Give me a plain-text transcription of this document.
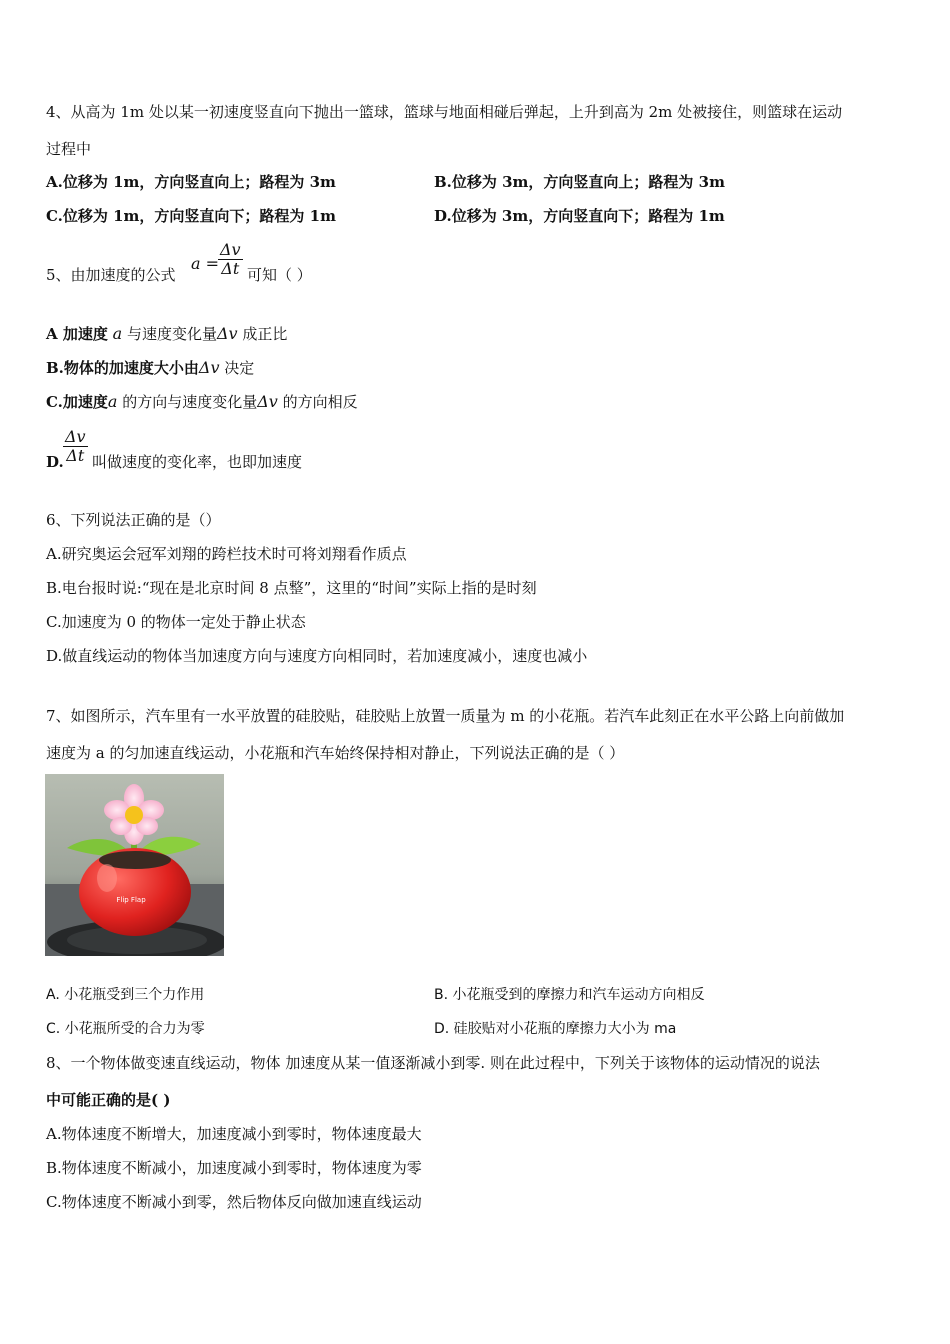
4、从高为 1m 处以某一初速度竖直向下抛出一篮球，篮球与地面相碰后弹起，上升到高为 2m 处被接住，则篮球在运动
过程中
A.位移为 1m，方向竖直向上；路程为 3m	B.位移为 3m，方向竖直向上；路程为 3m
C.位移为 1m，方向竖直向下；路程为 1m	D.位移为 3m，方向竖直向下；路程为 1m
5、由加速度的公式
a =
$\frac{\Delta v}{\Delta t}$ 可知（ ）
A 加速度 a 与速度变化量Δv 成正比
B.物体的加速度大小由Δv 决定
C.加速度a 的方向与速度变化量Δv 的方向相反
D. $\frac{\Delta v}{\Delta t}$ 叫做速度的变化率，也即加速度
6、下列说法正确的是（）
A.研究奥运会冠军刘翔的跨栏技术时可将刘翔看作质点
B.电台报时说:“现在是北京时间 8 点整”，这里的“时间”实际上指的是时刻
C.加速度为 0 的物体一定处于静止状态
D.做直线运动的物体当加速度方向与速度方向相同时，若加速度减小，速度也减小
7、如图所示，汽车里有一水平放置的硅胶贴，硅胶贴上放置一质量为 m 的小花瓶。若汽车此刻正在水平公路上向前做加
速度为 a 的匀加速直线运动，小花瓶和汽车始终保持相对静止，下列说法正确的是（ ）
Flip Flap
A. 小花瓶受到三个力作用	B. 小花瓶受到的摩擦力和汽车运动方向相反
C. 小花瓶所受的合力为零	D. 硅胶贴对小花瓶的摩擦力大小为 ma
8、一个物体做变速直线运动，物体 加速度从某一值逐渐减小到零. 则在此过程中，下列关于该物体的运动情况的说法
中可能正确的是( )
A.物体速度不断增大，加速度减小到零时，物体速度最大
B.物体速度不断减小，加速度减小到零时，物体速度为零
C.物体速度不断减小到零，然后物体反向做加速直线运动
